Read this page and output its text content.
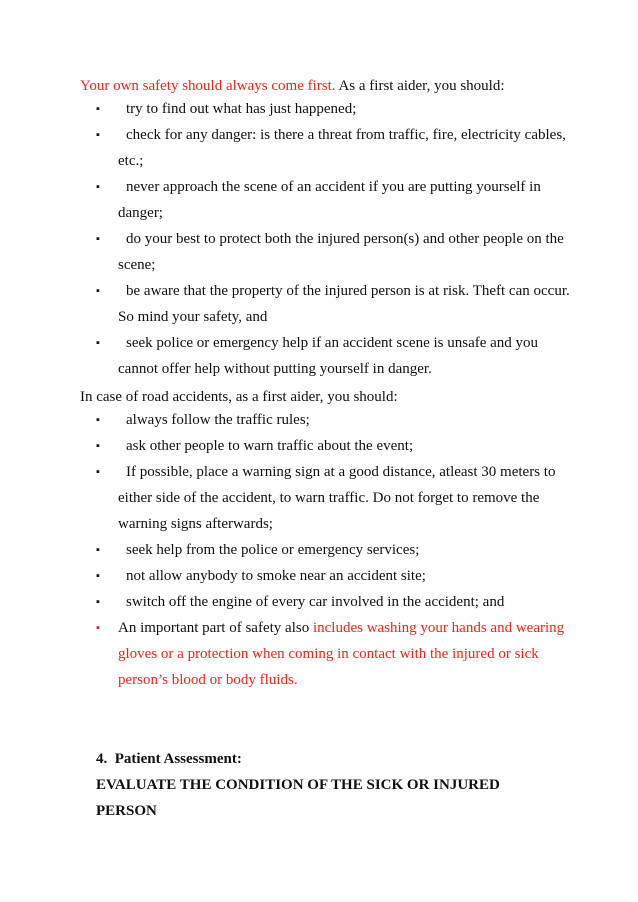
Your own safety should always come first. As a first aider, you should:
▪ try to find out what has just happened;
▪ check for any danger: is there a threat from traffic, fire, electricity cables, etc.;
▪ never approach the scene of an accident if you are putting yourself in danger;
▪ do your best to protect both the injured person(s) and other people on the scene;
▪ be aware that the property of the injured person is at risk. Theft can occur. So mind your safety, and
▪ seek police or emergency help if an accident scene is unsafe and you cannot offer help without putting yourself in danger.
In case of road accidents, as a first aider, you should:
▪ always follow the traffic rules;
▪ ask other people to warn traffic about the event;
▪ If possible, place a warning sign at a good distance, atleast 30 meters to either side of the accident, to warn traffic. Do not forget to remove the warning signs afterwards;
▪ seek help from the police or emergency services;
▪ not allow anybody to smoke near an accident site;
▪ switch off the engine of every car involved in the accident; and
▪ An important part of safety also includes washing your hands and wearing gloves or a protection when coming in contact with the injured or sick person’s blood or body fluids.
4. Patient Assessment:
EVALUATE THE CONDITION OF THE SICK OR INJURED PERSON
